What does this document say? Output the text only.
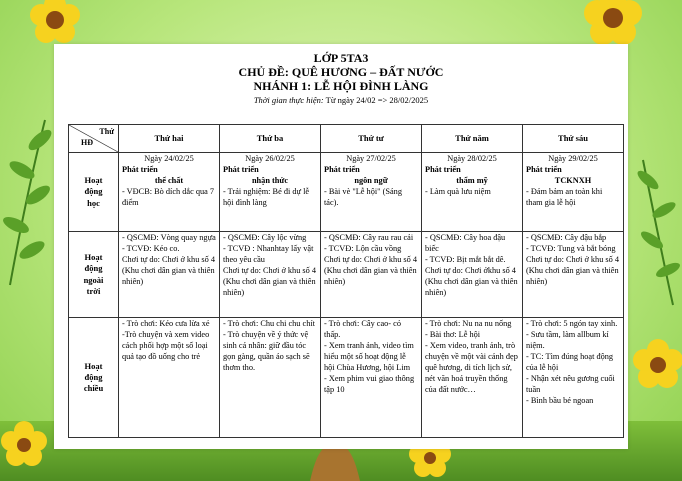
LỚP 5TA3
CHỦ ĐỀ: QUÊ HƯƠNG – ĐẤT NƯỚC
NHÁNH 1: LỄ HỘI ĐÌNH LÀNG
Thời gian thực hiện: Từ ngày 24/02 => 28/02/2025
Thứ
HĐ	Thứ hai	Thứ ba	Thứ tư	Thứ năm	Thứ sáu

Hoạt
động
học	Ngày 24/02/25
Phát triển
thể chất
- VĐCB: Bò dích dắc qua 7 điểm	Ngày 26/02/25
Phát triển
nhận thức
- Trải nghiệm: Bé đi dự lễ hội đình làng	Ngày 27/02/25
Phát triển
ngôn ngữ
- Bài vè "Lễ hội" (Sáng tác).	Ngày 28/02/25
Phát triển
thẩm mỹ
- Làm quà lưu niệm	Ngày 29/02/25
Phát triển
TCKNXH
- Đảm bảm an toàn khi tham gia lễ hội

Hoạt
động
ngoài
trời	- QSCMĐ: Vòng quay ngựa
- TCVĐ: Kéo co.
Chơi tự do: Chơi ở khu số 4 (Khu chơi dân gian và thiên nhiên)	- QSCMĐ: Cây lộc vừng
- TCVĐ : Nhanhtay lấy vật theo yêu cầu
Chơi tự do: Chơi ở khu số 4 (Khu chơi dân gian và thiên nhiên)	- QSCMĐ: Cây rau rau cải
- TCVĐ: Lộn cầu vồng
Chơi tự do: Chơi ở khu số 4 (Khu chơi dân gian và thiên nhiên)	- QSCMĐ: Cây hoa đậu biếc
- TCVĐ: Bịt mắt bắt dê.
Chơi tự do: Chơi ởkhu số 4 (Khu chơi dân gian và thiên nhiên)	- QSCMĐ: Cây đậu bắp
- TCVĐ: Tung và bắt bóng
Chơi tự do: Chơi ở khu số 4 (Khu chơi dân gian và thiên nhiên)

Hoạt
động
chiều	- Trò chơi: Kéo cưa lừa xẻ
-Trò chuyện và xem video cách phối hợp một số loại quả tạo đồ uống cho trẻ	- Trò chơi: Chu chi chu chít
- Trò chuyện về ý thức vệ sinh cá nhân: giữ đầu tóc gọn gàng, quần áo sạch sẽ thơm tho.	- Trò chơi: Cây cao- cỏ thấp.
- Xem tranh ảnh, video tìm hiểu một số hoạt động lễ hội Chùa Hương, hội Lim
- Xem phim vui giao thông tập 10	- Trò chơi: Nu na nu nống
- Bài thơ: Lễ hội
- Xem video, tranh ảnh, trò chuyện về một vài cảnh đẹp quê hương, di tích lịch sử, nét văn hoá truyền thống của đất nước…	- Trò chơi: 5 ngón tay xinh.
- Sưu tầm, làm allbum kỉ niệm.
- TC: Tìm đúng hoạt động của lễ hội
- Nhận xét nêu gương cuối tuần
- Bình bầu bé ngoan
